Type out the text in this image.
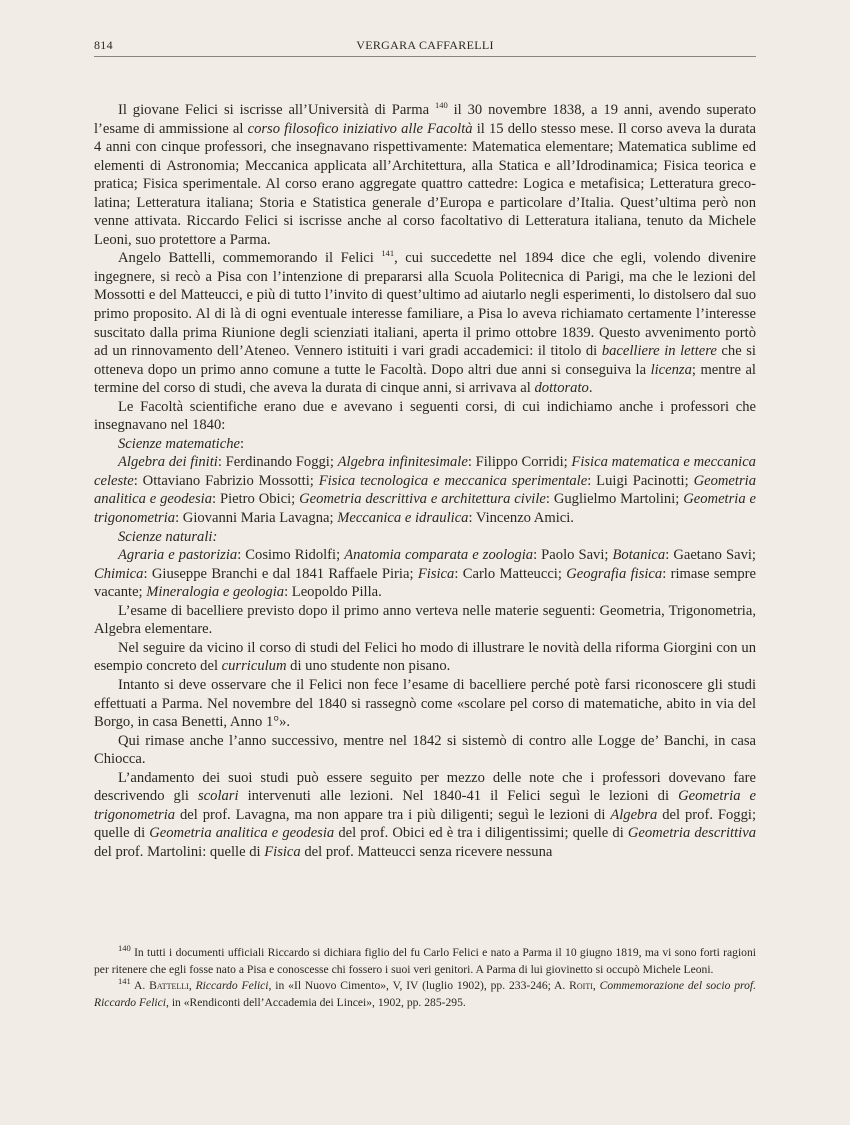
814	VERGARA CAFFARELLI

Il giovane Felici si iscrisse all’Università di Parma $^{140}$ il 30 novembre 1838, a 19 anni, avendo superato l’esame di ammissione al corso filosofico iniziativo alle Facoltà il 15 dello stesso mese. Il corso aveva la durata 4 anni con cinque professori, che insegnavano rispettivamente: Matematica elementare; Matematica sublime ed elementi di Astronomia; Meccanica applicata all’Architettura, alla Statica e all’Idrodinamica; Fisica teorica e pratica; Fisica sperimentale. Al corso erano aggregate quattro cattedre: Logica e metafisica; Letteratura greco-latina; Letteratura italiana; Storia e Statistica generale d’Europa e particolare d’Italia. Quest’ultima però non venne attivata. Riccardo Felici si iscrisse anche al corso facoltativo di Letteratura italiana, tenuto da Michele Leoni, suo protettore a Parma.

Angelo Battelli, commemorando il Felici $^{141}$, cui succedette nel 1894 dice che egli, volendo divenire ingegnere, si recò a Pisa con l’intenzione di prepararsi alla Scuola Politecnica di Parigi, ma che le lezioni del Mossotti e del Matteucci, e più di tutto l’invito di quest’ultimo ad aiutarlo negli esperimenti, lo distolsero dal suo primo proposito. Al di là di ogni eventuale interesse familiare, a Pisa lo aveva richiamato certamente l’interesse suscitato dalla prima Riunione degli scienziati italiani, aperta il primo ottobre 1839. Questo avvenimento portò ad un rinnovamento dell’Ateneo. Vennero istituiti i vari gradi accademici: il titolo di bacelliere in lettere che si otteneva dopo un primo anno comune a tutte le Facoltà. Dopo altri due anni si conseguiva la licenza; mentre al termine del corso di studi, che aveva la durata di cinque anni, si arrivava al dottorato.

Le Facoltà scientifiche erano due e avevano i seguenti corsi, di cui indichiamo anche i professori che insegnavano nel 1840:

Scienze matematiche:

Algebra dei finiti: Ferdinando Foggi; Algebra infinitesimale: Filippo Corridi; Fisica matematica e meccanica celeste: Ottaviano Fabrizio Mossotti; Fisica tecnologica e meccanica sperimentale: Luigi Pacinotti; Geometria analitica e geodesia: Pietro Obici; Geometria descrittiva e architettura civile: Guglielmo Martolini; Geometria e trigonometria: Giovanni Maria Lavagna; Meccanica e idraulica: Vincenzo Amici.

Scienze naturali:

Agraria e pastorizia: Cosimo Ridolfi; Anatomia comparata e zoologia: Paolo Savi; Botanica: Gaetano Savi; Chimica: Giuseppe Branchi e dal 1841 Raffaele Piria; Fisica: Carlo Matteucci; Geografia fisica: rimase sempre vacante; Mineralogia e geologia: Leopoldo Pilla.

L’esame di bacelliere previsto dopo il primo anno verteva nelle materie seguenti: Geometria, Trigonometria, Algebra elementare.

Nel seguire da vicino il corso di studi del Felici ho modo di illustrare le novità della riforma Giorgini con un esempio concreto del curriculum di uno studente non pisano.

Intanto si deve osservare che il Felici non fece l’esame di bacelliere perché potè farsi riconoscere gli studi effettuati a Parma. Nel novembre del 1840 si rassegnò come «scolare pel corso di matematiche, abito in via del Borgo, in casa Benetti, Anno 1°».

Qui rimase anche l’anno successivo, mentre nel 1842 si sistemò di contro alle Logge de’ Banchi, in casa Chiocca.

L’andamento dei suoi studi può essere seguito per mezzo delle note che i professori dovevano fare descrivendo gli scolari intervenuti alle lezioni. Nel 1840-41 il Felici seguì le lezioni di Geometria e trigonometria del prof. Lavagna, ma non appare tra i più diligenti; seguì le lezioni di Algebra del prof. Foggi; quelle di Geometria analitica e geodesia del prof. Obici ed è tra i diligentissimi; quelle di Geometria descrittiva del prof. Martolini: quelle di Fisica del prof. Matteucci senza ricevere nessuna

$^{140}$ In tutti i documenti ufficiali Riccardo si dichiara figlio del fu Carlo Felici e nato a Parma il 10 giugno 1819, ma vi sono forti ragioni per ritenere che egli fosse nato a Pisa e conoscesse chi fossero i suoi veri genitori. A Parma di lui giovinetto si occupò Michele Leoni.

$^{141}$ A. Battelli, Riccardo Felici, in «Il Nuovo Cimento», V, IV (luglio 1902), pp. 233-246; A. Roiti, Commemorazione del socio prof. Riccardo Felici, in «Rendiconti dell’Accademia dei Lincei», 1902, pp. 285-295.
